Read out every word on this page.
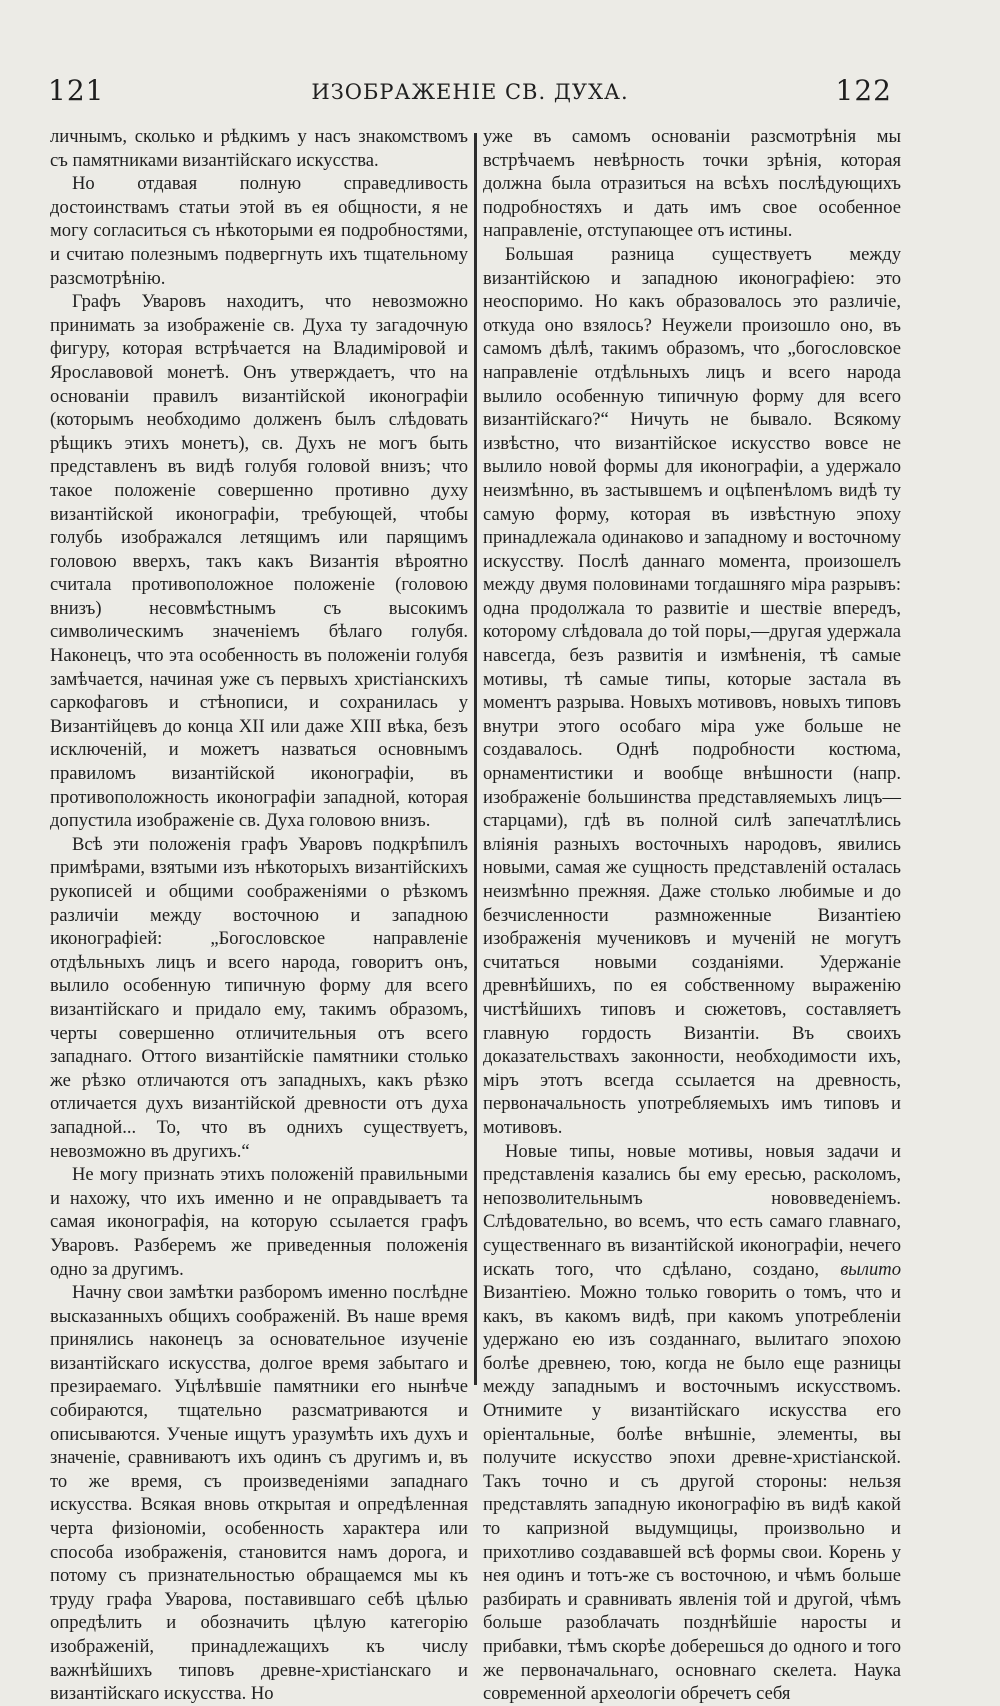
121	ИЗОБРАЖЕНІЕ СВ. ДУХА.	122

личнымъ, сколько и рѣдкимъ у насъ знакомствомъ съ памятниками византійскаго искусства.

Но отдавая полную справедливость достоинствамъ статьи этой въ ея общности, я не могу согласиться съ нѣкоторыми ея подробностями, и считаю полезнымъ подвергнуть ихъ тщательному разсмотрѣнію.

Графъ Уваровъ находитъ, что невозможно принимать за изображеніе св. Духа ту загадочную фигуру, которая встрѣчается на Владиміровой и Ярославовой монетѣ. Онъ утверждаетъ, что на основаніи правилъ византійской иконографіи (которымъ необходимо долженъ былъ слѣдовать рѣщикъ этихъ монетъ), св. Духъ не могъ быть представленъ въ видѣ голубя головой внизъ; что такое положеніе совершенно противно духу византійской иконографіи, требующей, чтобы голубь изображался летящимъ или парящимъ головою вверхъ, такъ какъ Византія вѣроятно считала противоположное положеніе (головою внизъ) несовмѣстнымъ съ высокимъ символическимъ значеніемъ бѣлаго голубя. Наконецъ, что эта особенность въ положеніи голубя замѣчается, начиная уже съ первыхъ христіанскихъ саркофаговъ и стѣнописи, и сохранилась у Византійцевъ до конца XII или даже XIII вѣка, безъ исключеній, и можетъ назваться основнымъ правиломъ византійской иконографіи, въ противоположность иконографіи западной, которая допустила изображеніе св. Духа головою внизъ.

Всѣ эти положенія графъ Уваровъ подкрѣпилъ примѣрами, взятыми изъ нѣкоторыхъ византійскихъ рукописей и общими соображеніями о рѣзкомъ различіи между восточною и западною иконографіей: „Богословское направленіе отдѣльныхъ лицъ и всего народа, говоритъ онъ, вылило особенную типичную форму для всего византійскаго и придало ему, такимъ образомъ, черты совершенно отличительныя отъ всего западнаго. Оттого византійскіе памятники столько же рѣзко отличаются отъ западныхъ, какъ рѣзко отличается духъ византійской древности отъ духа западной... То, что въ однихъ существуетъ, невозможно въ другихъ.“

Не могу признать этихъ положеній правильными и нахожу, что ихъ именно и не оправдываетъ та самая иконографія, на которую ссылается графъ Уваровъ. Разберемъ же приведенныя положенія одно за другимъ.

Начну свои замѣтки разборомъ именно послѣдне высказанныхъ общихъ соображеній. Въ наше время принялись наконецъ за основательное изученіе византійскаго искусства, долгое время забытаго и презираемаго. Уцѣлѣвшіе памятники его нынѣче собираются, тщательно разсматриваются и описываются. Ученые ищутъ уразумѣть ихъ духъ и значеніе, сравниваютъ ихъ одинъ съ другимъ и, въ то же время, съ произведеніями западнаго искусства. Всякая вновь открытая и опредѣленная черта физіономіи, особенность характера или способа изображенія, становится намъ дорога, и потому съ признательностью обращаемся мы къ труду графа Уварова, поставившаго себѣ цѣлью опредѣлить и обозначить цѣлую категорію изображеній, принадлежащихъ къ числу важнѣйшихъ типовъ древне-христіанскаго и византійскаго искусства. Но

уже въ самомъ основаніи разсмотрѣнія мы встрѣчаемъ невѣрность точки зрѣнія, которая должна была отразиться на всѣхъ послѣдующихъ подробностяхъ и дать имъ свое особенное направленіе, отступающее отъ истины.

Большая разница существуетъ между византійскою и западною иконографіею: это неоспоримо. Но какъ образовалось это различіе, откуда оно взялось? Неужели произошло оно, въ самомъ дѣлѣ, такимъ образомъ, что „богословское направленіе отдѣльныхъ лицъ и всего народа вылило особенную типичную форму для всего византійскаго?“ Ничуть не бывало. Всякому извѣстно, что византійское искусство вовсе не вылило новой формы для иконографіи, а удержало неизмѣнно, въ застывшемъ и оцѣпенѣломъ видѣ ту самую форму, которая въ извѣстную эпоху принадлежала одинаково и западному и восточному искусству. Послѣ даннаго момента, произошелъ между двумя половинами тогдашняго міра разрывъ: одна продолжала то развитіе и шествіе впередъ, которому слѣдовала до той поры,—другая удержала навсегда, безъ развитія и измѣненія, тѣ самые мотивы, тѣ самые типы, которые застала въ моментъ разрыва. Новыхъ мотивовъ, новыхъ типовъ внутри этого особаго міра уже больше не создавалось. Однѣ подробности костюма, орнаментистики и вообще внѣшности (напр. изображеніе большинства представляемыхъ лицъ—старцами), гдѣ въ полной силѣ запечатлѣлись вліянія разныхъ восточныхъ народовъ, явились новыми, самая же сущность представленій осталась неизмѣнно прежняя. Даже столько любимые и до безчисленности размноженные Византіею изображенія мучениковъ и мученій не могутъ считаться новыми созданіями. Удержаніе древнѣйшихъ, по ея собственному выраженію чистѣйшихъ типовъ и сюжетовъ, составляетъ главную гордость Византіи. Въ своихъ доказательствахъ законности, необходимости ихъ, міръ этотъ всегда ссылается на древность, первоначальность употребляемыхъ имъ типовъ и мотивовъ.

Новые типы, новые мотивы, новыя задачи и представленія казались бы ему ересью, расколомъ, непозволительнымъ нововведеніемъ. Слѣдовательно, во всемъ, что есть самаго главнаго, существеннаго въ византійской иконографіи, нечего искать того, что сдѣлано, создано, вылито Византіею. Можно только говорить о томъ, что и какъ, въ какомъ видѣ, при какомъ употребленіи удержано ею изъ созданнаго, вылитаго эпохою болѣе древнею, тою, когда не было еще разницы между западнымъ и восточнымъ искусствомъ. Отнимите у византійскаго искусства его оріентальные, болѣе внѣшніе, элементы, вы получите искусство эпохи древне-христіанской. Такъ точно и съ другой стороны: нельзя представлять западную иконографію въ видѣ какой то капризной выдумщицы, произвольно и прихотливо создававшей всѣ формы свои. Корень у нея одинъ и тотъ-же съ восточною, и чѣмъ больше разбирать и сравнивать явленія той и другой, чѣмъ больше разоблачать позднѣйшіе наросты и прибавки, тѣмъ скорѣе доберешься до одного и того же первоначальнаго, основнаго скелета. Наука современной археологіи обречетъ себя
